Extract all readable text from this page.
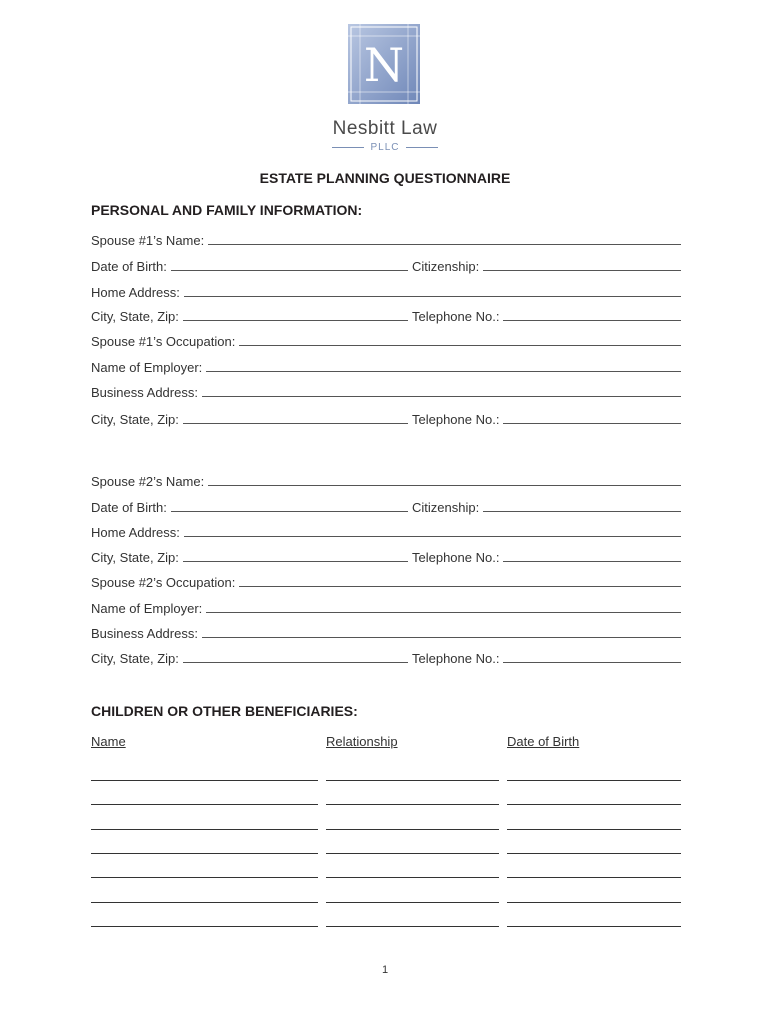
N
Nesbitt Law
PLLC
ESTATE PLANNING QUESTIONNAIRE
PERSONAL AND FAMILY INFORMATION:
Spouse #1’s Name:
Date of Birth:	Citizenship:
Home Address:
City, State, Zip:	Telephone No.:
Spouse #1’s Occupation:
Name of Employer:
Business Address:
City, State, Zip:	Telephone No.:
Spouse #2’s Name:
Date of Birth:	Citizenship:
Home Address:
City, State, Zip:	Telephone No.:
Spouse #2’s Occupation:
Name of Employer:
Business Address:
City, State, Zip:	Telephone No.:
CHILDREN OR OTHER BENEFICIARIES:
Name	Relationship	Date of Birth
1
